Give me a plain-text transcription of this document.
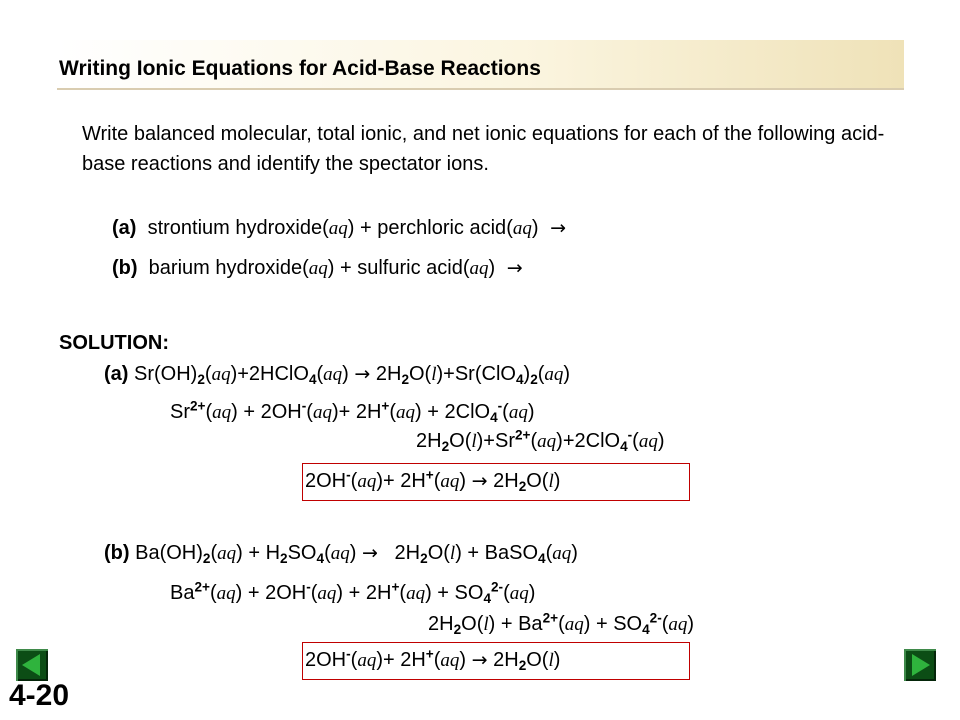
Writing Ionic Equations for Acid-Base Reactions
Write balanced molecular, total ionic, and net ionic equations for each of the following acid-base reactions and identify the spectator ions.
(a) strontium hydroxide(aq) + perchloric acid(aq)  →
(b) barium hydroxide(aq) + sulfuric acid(aq)  →
SOLUTION:
(a) $Sr(OH)_2(aq)+2HClO_4(aq) \to 2H_2O(l)+Sr(ClO_4)_2(aq)$
$Sr^{2+}(aq) + 2OH^-(aq)+ 2H^+(aq) + 2ClO_4^-(aq)$
$2H_2O(l)+Sr^{2+}(aq)+2ClO_4^-(aq)$
$2OH^-(aq)+ 2H^+(aq) \to 2H_2O(l)$
(b) $Ba(OH)_2(aq) + H_2SO_4(aq) \to 2H_2O(l)$ + BaSO$_4$(aq)
$Ba^{2+}(aq) + 2OH^-(aq) + 2H^+(aq) + SO_4^{2-}(aq)$
$2H_2O(l) + Ba^{2+}(aq) + SO_4^{2-}(aq)$
$2OH^-(aq)+ 2H^+(aq) \to 2H_2O(l)$
4-20
